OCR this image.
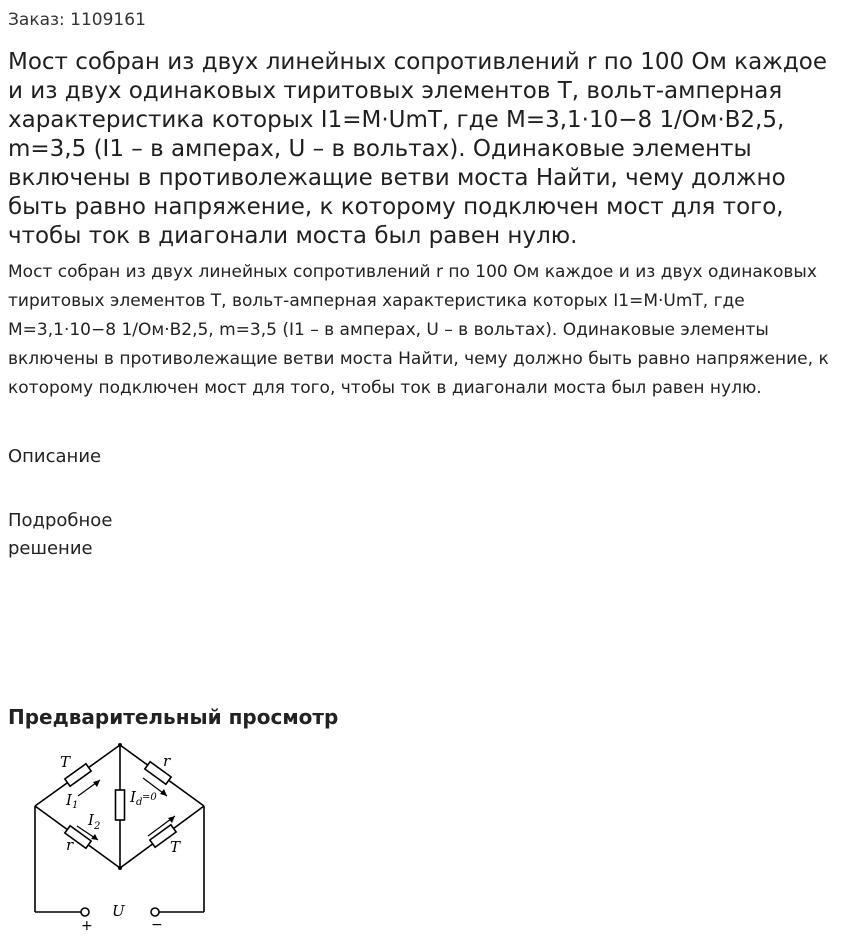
Заказ: 1109161
Мост собран из двух линейных сопротивлений r по 100 Ом каждое и из двух одинаковых тиритовых элементов Т, вольт-амперная характеристика которых I1=M·UmT, где M=3,1·10−8 1/Ом·В2,5, m=3,5 (I1 – в амперах, U – в вольтах). Одинаковые элементы включены в противолежащие ветви моста Найти, чему должно быть равно напряжение, к которому подключен мост для того, чтобы ток в диагонали моста был равен нулю.

Мост собран из двух линейных сопротивлений r по 100 Ом каждое и из двух одинаковых тиритовых элементов Т, вольт-амперная характеристика которых I1=M·UmT, где M=3,1·10−8 1/Ом·В2,5, m=3,5 (I1 – в амперах, U – в вольтах). Одинаковые элементы включены в противолежащие ветви моста Найти, чему должно быть равно напряжение, к которому подключен мост для того, чтобы ток в диагонали моста был равен нулю.

Описание
Подробное решение
Предварительный просмотр
T	r
I 1
I 2
I d =0
r	T
U
+	−
